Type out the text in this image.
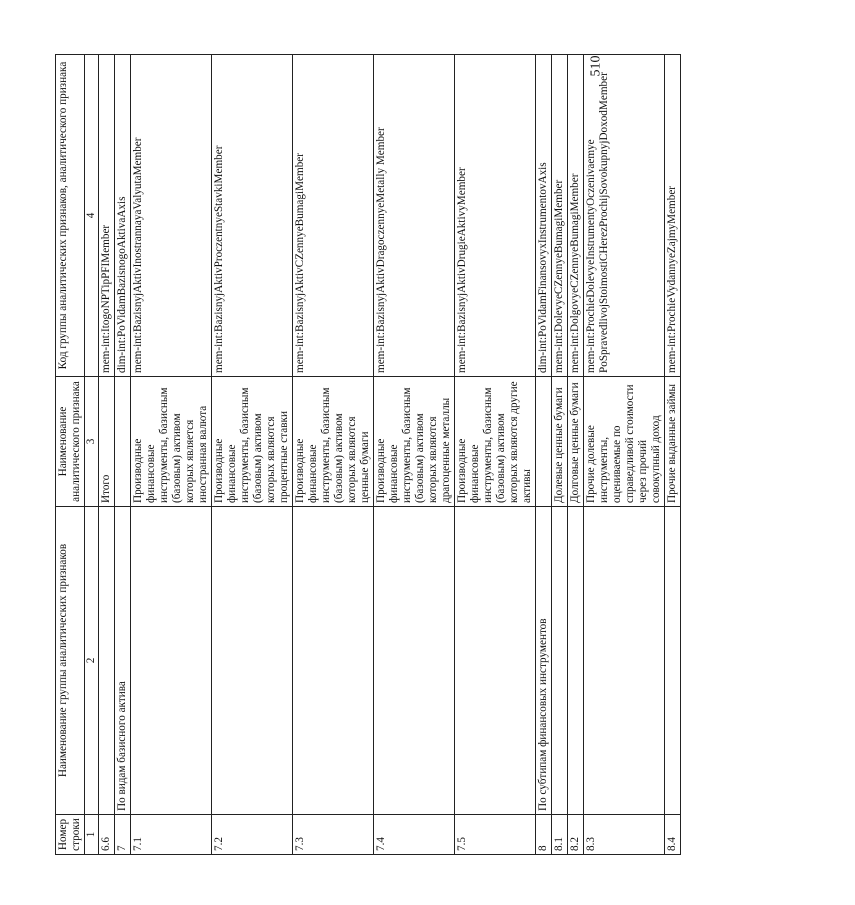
510
Номер строки	Наименование группы аналитических признаков	Наименование аналитического признака	Код группы аналитических признаков, аналитического признака
1	2	3	4
6.6		Итого	mem-int:ItogoNPTipPFIMember
7	По видам базисного актива		dim-int:PoVidamBazisnogoAktivaAxis
7.1		Производные финансовые инструменты, базисным (базовым) активом которых является иностранная валюта	mem-int:BazisnyjAktivInostrannayaValyutaMember
7.2		Производные финансовые инструменты, базисным (базовым) активом которых являются процентные ставки	mem-int:BazisnyjAktivProczentnyeStavkiMember
7.3		Производные финансовые инструменты, базисным (базовым) активом которых являются ценные бумаги	mem-int:BazisnyjAktivCZennyeBumagiMember
7.4		Производные финансовые инструменты, базисным (базовым) активом которых являются драгоценные металлы	mem-int:BazisnyjAktivDragoczennyeMetally Member
7.5		Производные финансовые инструменты, базисным (базовым) активом которых являются другие активы	mem-int:BazisnyjAktivDrugieAktivyMember
8	По субтипам финансовых инструментов		dim-int:PoVidamFinansovyxInstrumentovAxis
8.1		Долевые ценные бумаги	mem-int:DolevyeCZennyeBumagiMember
8.2		Долговые ценные бумаги	mem-int:DolgovyeCZennyeBumagiMember
8.3		Прочие долевые инструменты, оцениваемые по справедливой стоимости через прочий совокупный доход	mem-int:ProchieDolevyeInstrumentyOczenivaemye PoSpravedlivojStoimostiCHerezProchijSovokupnyjDoxodMember
8.4		Прочие выданные займы	mem-int:ProchieVydannyeZajmyMember
